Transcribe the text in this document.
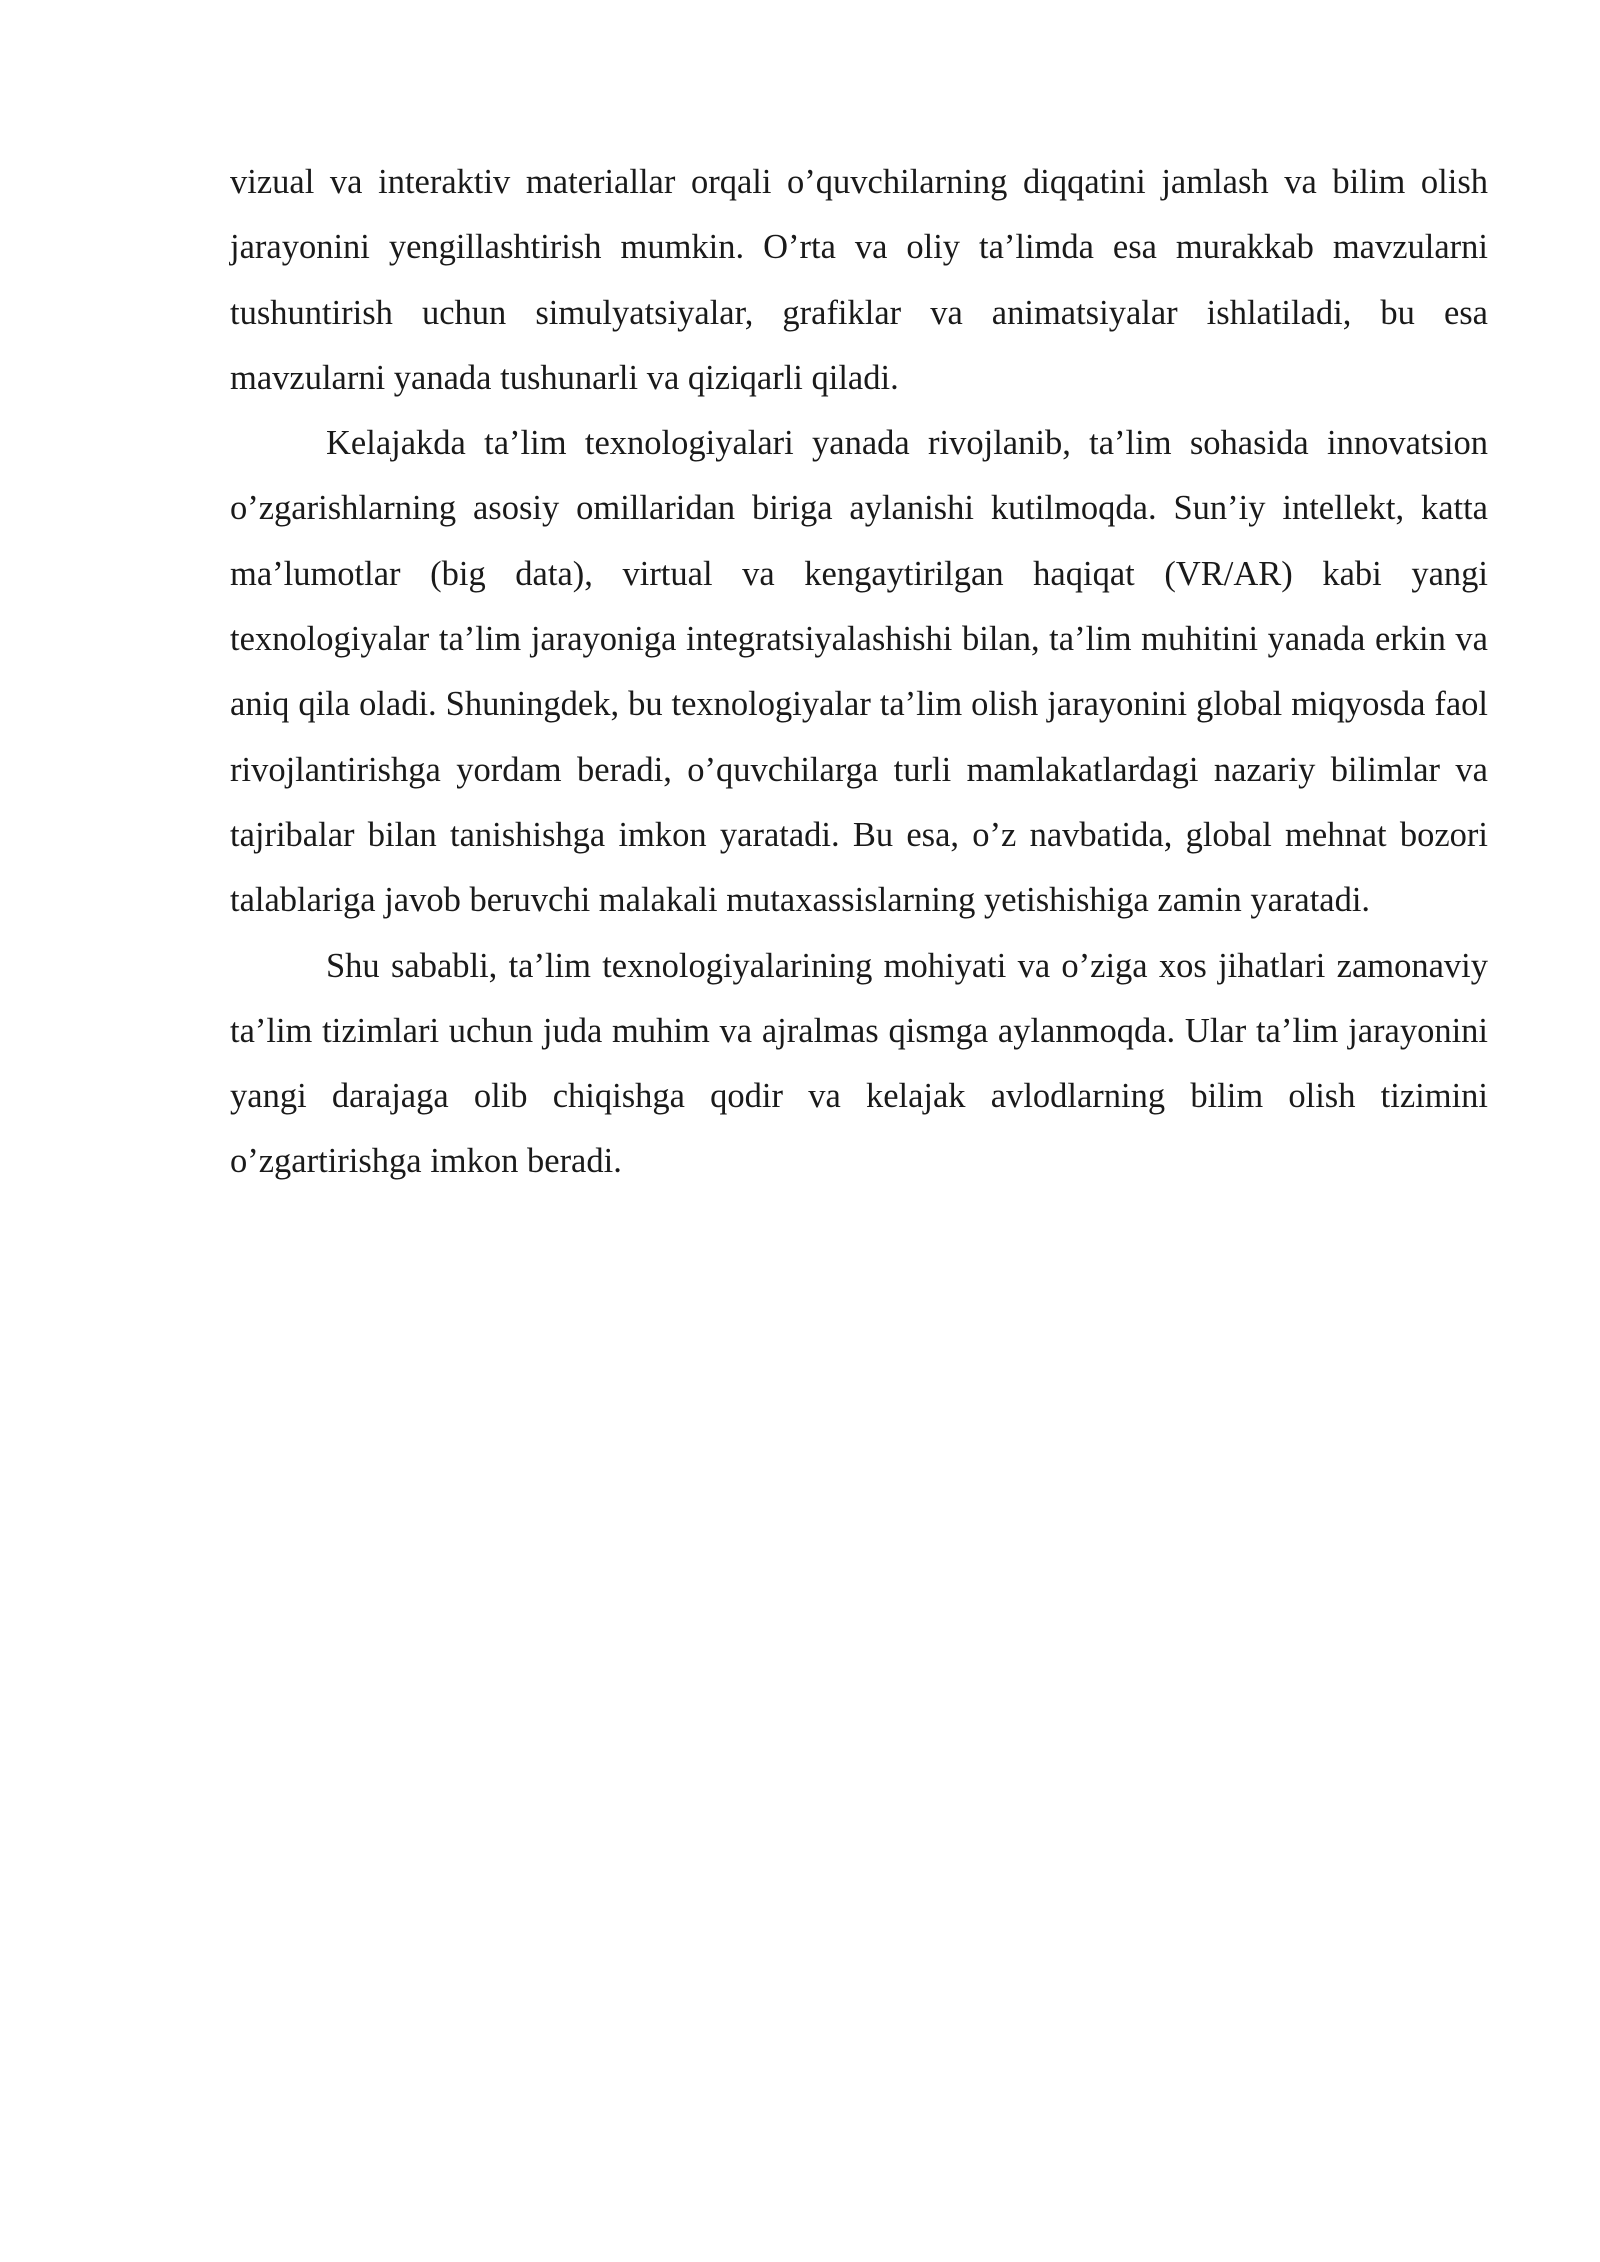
vizual va interaktiv materiallar orqali o’quvchilarning diqqatini jamlash va bilim olish jarayonini yengillashtirish mumkin. O’rta va oliy ta’limda esa murakkab mavzularni tushuntirish uchun simulyatsiyalar, grafiklar va animatsiyalar ishlatiladi, bu esa mavzularni yanada tushunarli va qiziqarli qiladi.

Kelajakda ta’lim texnologiyalari yanada rivojlanib, ta’lim sohasida innovatsion o’zgarishlarning asosiy omillaridan biriga aylanishi kutilmoqda. Sun’iy intellekt, katta ma’lumotlar (big data), virtual va kengaytirilgan haqiqat (VR/AR) kabi yangi texnologiyalar ta’lim jarayoniga integratsiyalashishi bilan, ta’lim muhitini yanada erkin va aniq qila oladi. Shuningdek, bu texnologiyalar ta’lim olish jarayonini global miqyosda faol rivojlantirishga yordam beradi, o’quvchilarga turli mamlakatlardagi nazariy bilimlar va tajribalar bilan tanishishga imkon yaratadi. Bu esa, o’z navbatida, global mehnat bozori talablariga javob beruvchi malakali mutaxassislarning yetishishiga zamin yaratadi.

Shu sababli, ta’lim texnologiyalarining mohiyati va o’ziga xos jihatlari zamonaviy ta’lim tizimlari uchun juda muhim va ajralmas qismga aylanmoqda. Ular ta’lim jarayonini yangi darajaga olib chiqishga qodir va kelajak avlodlarning bilim olish tizimini o’zgartirishga imkon beradi.
